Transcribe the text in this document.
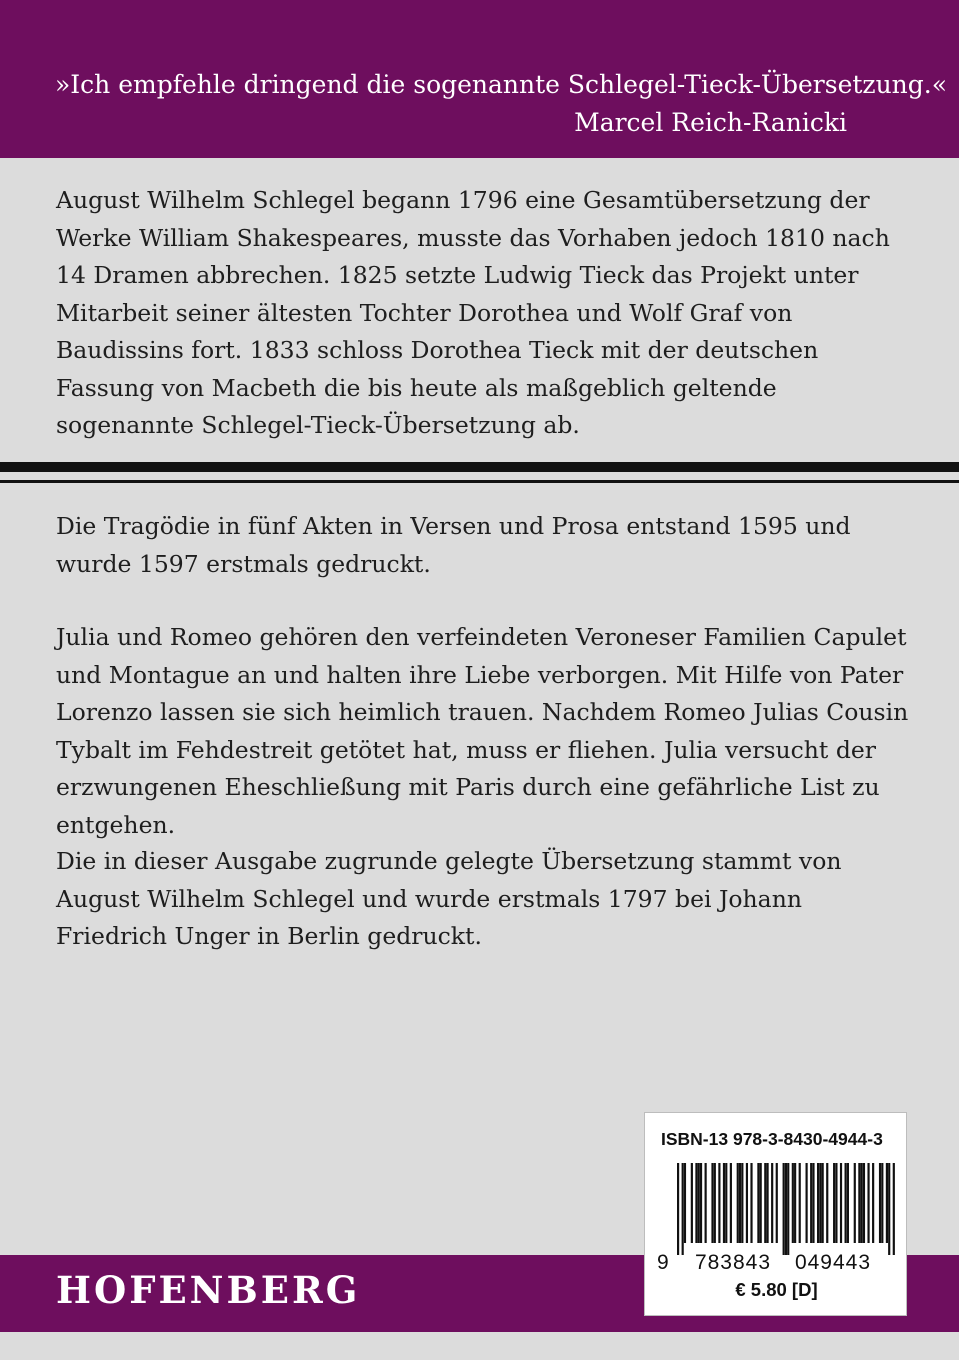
»Ich empfehle dringend die sogenannte Schlegel-Tieck-Übersetzung.«
Marcel Reich-Ranicki

August Wilhelm Schlegel begann 1796 eine Gesamtübersetzung der Werke William Shakespeares, musste das Vorhaben jedoch 1810 nach 14 Dramen abbrechen. 1825 setzte Ludwig Tieck das Projekt unter Mitarbeit seiner ältesten Tochter Dorothea und Wolf Graf von Baudissins fort. 1833 schloss Dorothea Tieck mit der deutschen Fassung von Macbeth die bis heute als maßgeblich geltende sogenannte Schlegel-Tieck-Übersetzung ab.

Die Tragödie in fünf Akten in Versen und Prosa entstand 1595 und wurde 1597 erstmals gedruckt.

Julia und Romeo gehören den verfeindeten Veroneser Familien Capulet und Montague an und halten ihre Liebe verborgen. Mit Hilfe von Pater Lorenzo lassen sie sich heimlich trauen. Nachdem Romeo Julias Cousin Tybalt im Fehdestreit getötet hat, muss er fliehen. Julia versucht der erzwungenen Eheschließung mit Paris durch eine gefährliche List zu entgehen.

Die in dieser Ausgabe zugrunde gelegte Übersetzung stammt von August Wilhelm Schlegel und wurde erstmals 1797 bei Johann Friedrich Unger in Berlin gedruckt.

HOFENBERG
ISBN-13 978-3-8430-4944-3
9 783843 049443
€ 5.80 [D]
